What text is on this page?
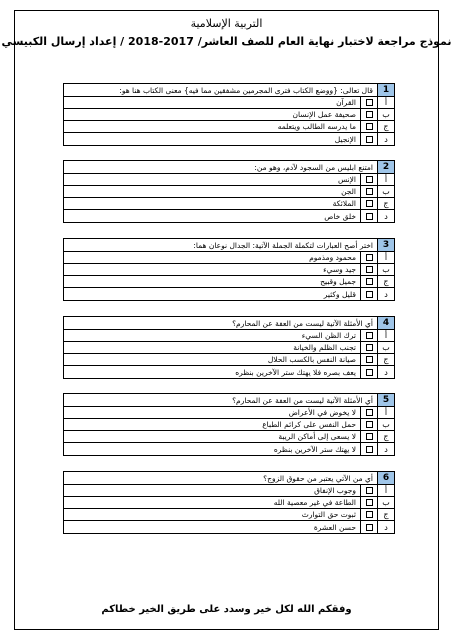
التربية الإسلامية
نموذج مراجعة لاختبار نهاية العام للصف العاشر/ 2017-2018 / إعداد إرسال الكبيسي
1
قال تعالى: {ووضع الكتاب فترى المجرمين مشفقين مما فيه} معنى الكتاب هنا هو:
أ
القرآن
ب
صحيفة عمل الإنسان
ج
ما يدرسه الطالب ويتعلمه
د
الإنجيل
2
امتنع ابليس من السجود لآدم، وهو من:
أ
الإنس
ب
الجن
ج
الملائكة
د
خلق خاص
3
اختر أصح العبارات لتكملة الجملة الآتية: الجدال نوعان هما:
أ
محمود ومذموم
ب
جيد وسيء
ج
جميل وقبيح
د
قليل وكثير
4
أي الأمثلة الآتية ليست من العفة عن المحارم؟
أ
ترك الظن السيء
ب
تجنب الظلم والخيانة
ج
صيانة النفس بالكسب الحلال
د
يعف بصره فلا يهتك ستر الآخرين بنظره
5
أي الأمثلة الآتية ليست من العفة عن المحارم؟
أ
لا يخوض في الأعراض
ب
حمل النفس على كرائم الطباع
ج
لا يسعى إلى أماكن الريبة
د
لا يهتك ستر الآخرين بنظره
6
أي من الآتي يعتبر من حقوق الزوج؟
أ
وجوب الإنفاق
ب
الطاعة في غير معصية الله
ج
ثبوت حق التوارث
د
حسن العشرة
وفقكم الله لكل خير وسدد على طريق الخير خطاكم
